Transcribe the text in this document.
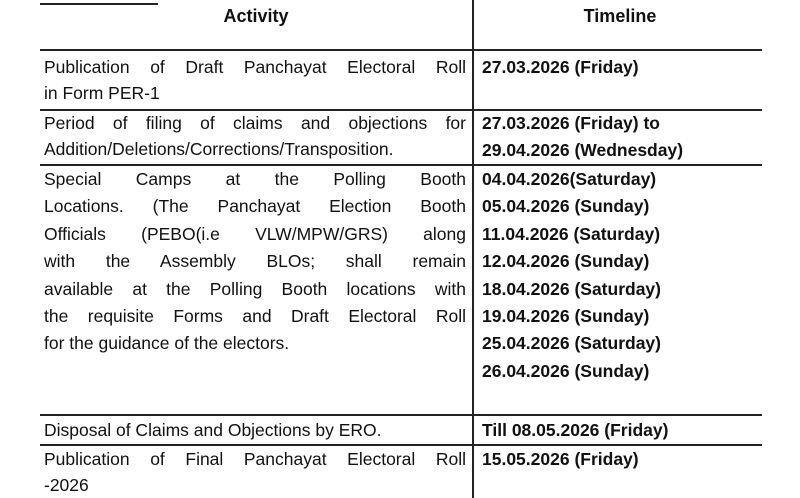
Activity	Timeline
Publication of Draft Panchayat Electoral Roll
in Form PER-1
27.03.2026 (Friday)
Period of filing of claims and objections for
Addition/Deletions/Corrections/Transposition.
27.03.2026 (Friday) to
29.04.2026 (Wednesday)
Special Camps at the Polling Booth
Locations. (The Panchayat Election Booth
Officials (PEBO(i.e VLW/MPW/GRS) along
with the Assembly BLOs; shall remain
available at the Polling Booth locations with
the requisite Forms and Draft Electoral Roll
for the guidance of the electors.
04.04.2026(Saturday)
05.04.2026 (Sunday)
11.04.2026 (Saturday)
12.04.2026 (Sunday)
18.04.2026 (Saturday)
19.04.2026 (Sunday)
25.04.2026 (Saturday)
26.04.2026 (Sunday)
Disposal of Claims and Objections by ERO.	Till 08.05.2026 (Friday)
Publication of Final Panchayat Electoral Roll
-2026
15.05.2026 (Friday)
